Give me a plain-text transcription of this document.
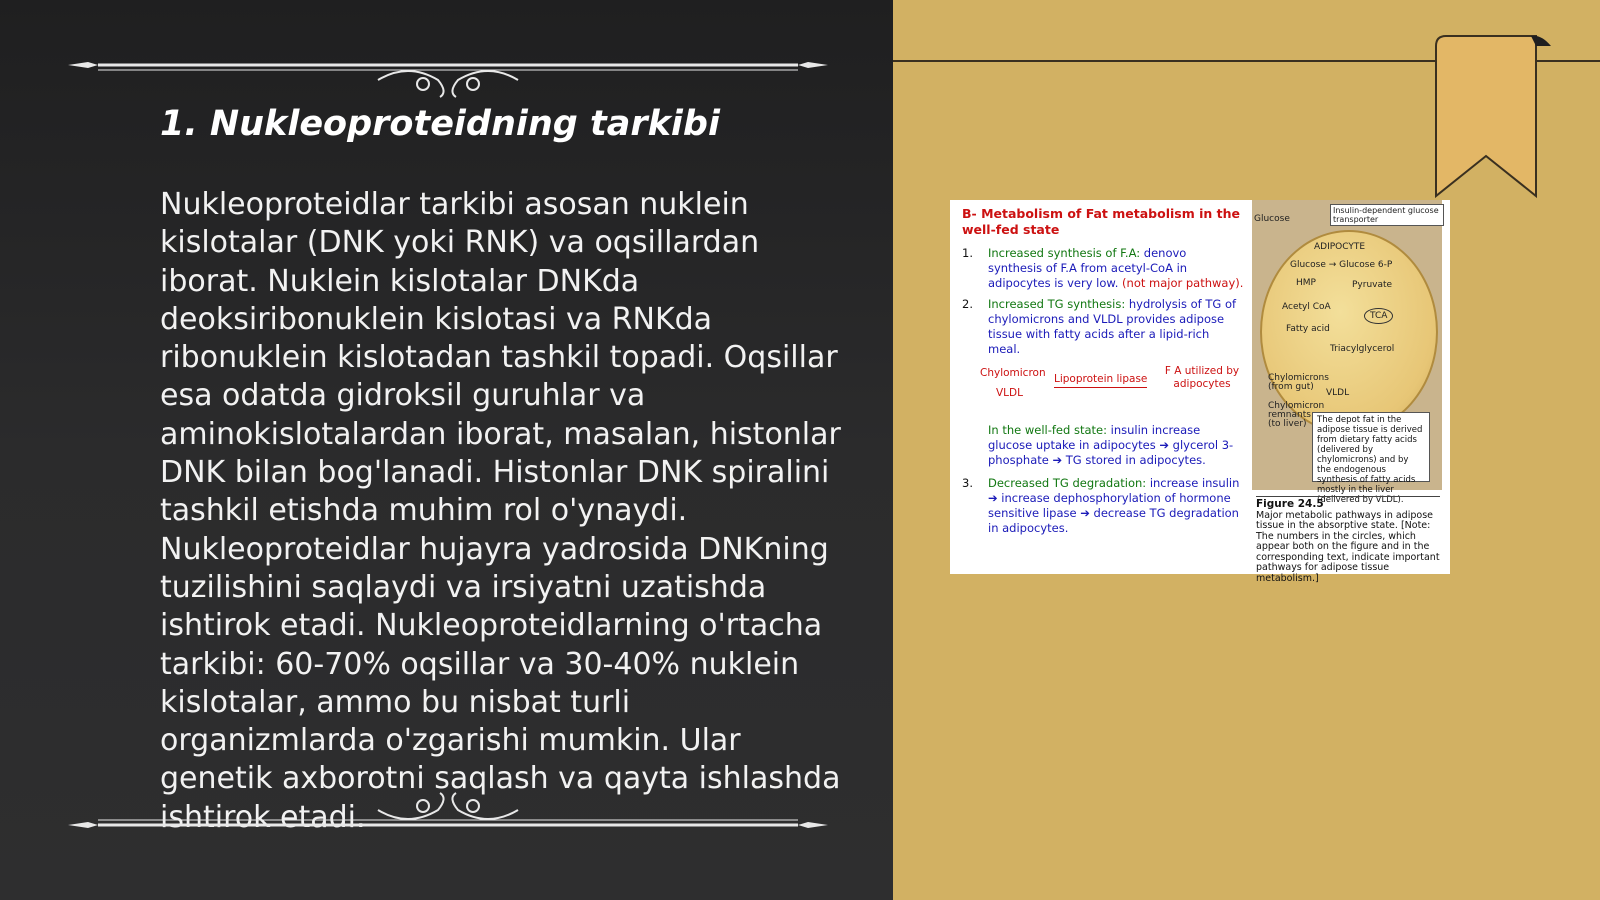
1. Nukleoproteidning tarkibi

Nukleoproteidlar tarkibi asosan nuklein kislotalar (DNK yoki RNK) va oqsillardan iborat. Nuklein kislotalar DNKda deoksiribonuklein kislotasi va RNKda ribonuklein kislotadan tashkil topadi. Oqsillar esa odatda gidroksil guruhlar va aminokislotalardan iborat, masalan, histonlar DNK bilan bog'lanadi. Histonlar DNK spiralini tashkil etishda muhim rol o'ynaydi. Nukleoproteidlar hujayra yadrosida DNKning tuzilishini saqlaydi va irsiyatni uzatishda ishtirok etadi. Nukleoproteidlarning o'rtacha tarkibi: 60-70% oqsillar va 30-40% nuklein kislotalar, ammo bu nisbat turli organizmlarda o'zgarishi mumkin. Ular genetik axborotni saqlash va qayta ishlashda ishtirok etadi.

B- Metabolism of Fat metabolism in the well-fed state

1. Increased synthesis of F.A: denovo synthesis of F.A from acetyl-CoA in adipocytes is very low. (not major pathway).
2. Increased TG synthesis: hydrolysis of TG of chylomicrons and VLDL provides adipose tissue with fatty acids after a lipid-rich meal.
Chylomicron
VLDL
Lipoprotein lipase
F A utilized by adipocytes
In the well-fed state: insulin increase glucose uptake in adipocytes ➔ glycerol 3-phosphate ➔ TG stored in adipocytes.
3. Decreased TG degradation: increase insulin ➔ increase dephosphorylation of hormone sensitive lipase ➔ decrease TG degradation in adipocytes.
Glucose
Insulin-dependent glucose transporter
ADIPOCYTE
Glucose → Glucose 6-P
HMP	Pyruvate
Acetyl CoA
TCA
Fatty acid
Triacylglycerol
Chylomicrons (from gut)
VLDL
Chylomicron remnants (to liver)	The depot fat in the adipose tissue is derived from dietary fatty acids (delivered by chylomicrons) and by the endogenous synthesis of fatty acids mostly in the liver (delivered by VLDL).
Figure 24.5
Major metabolic pathways in adipose tissue in the absorptive state. [Note: The numbers in the circles, which appear both on the figure and in the corresponding text, indicate important pathways for adipose tissue metabolism.]
